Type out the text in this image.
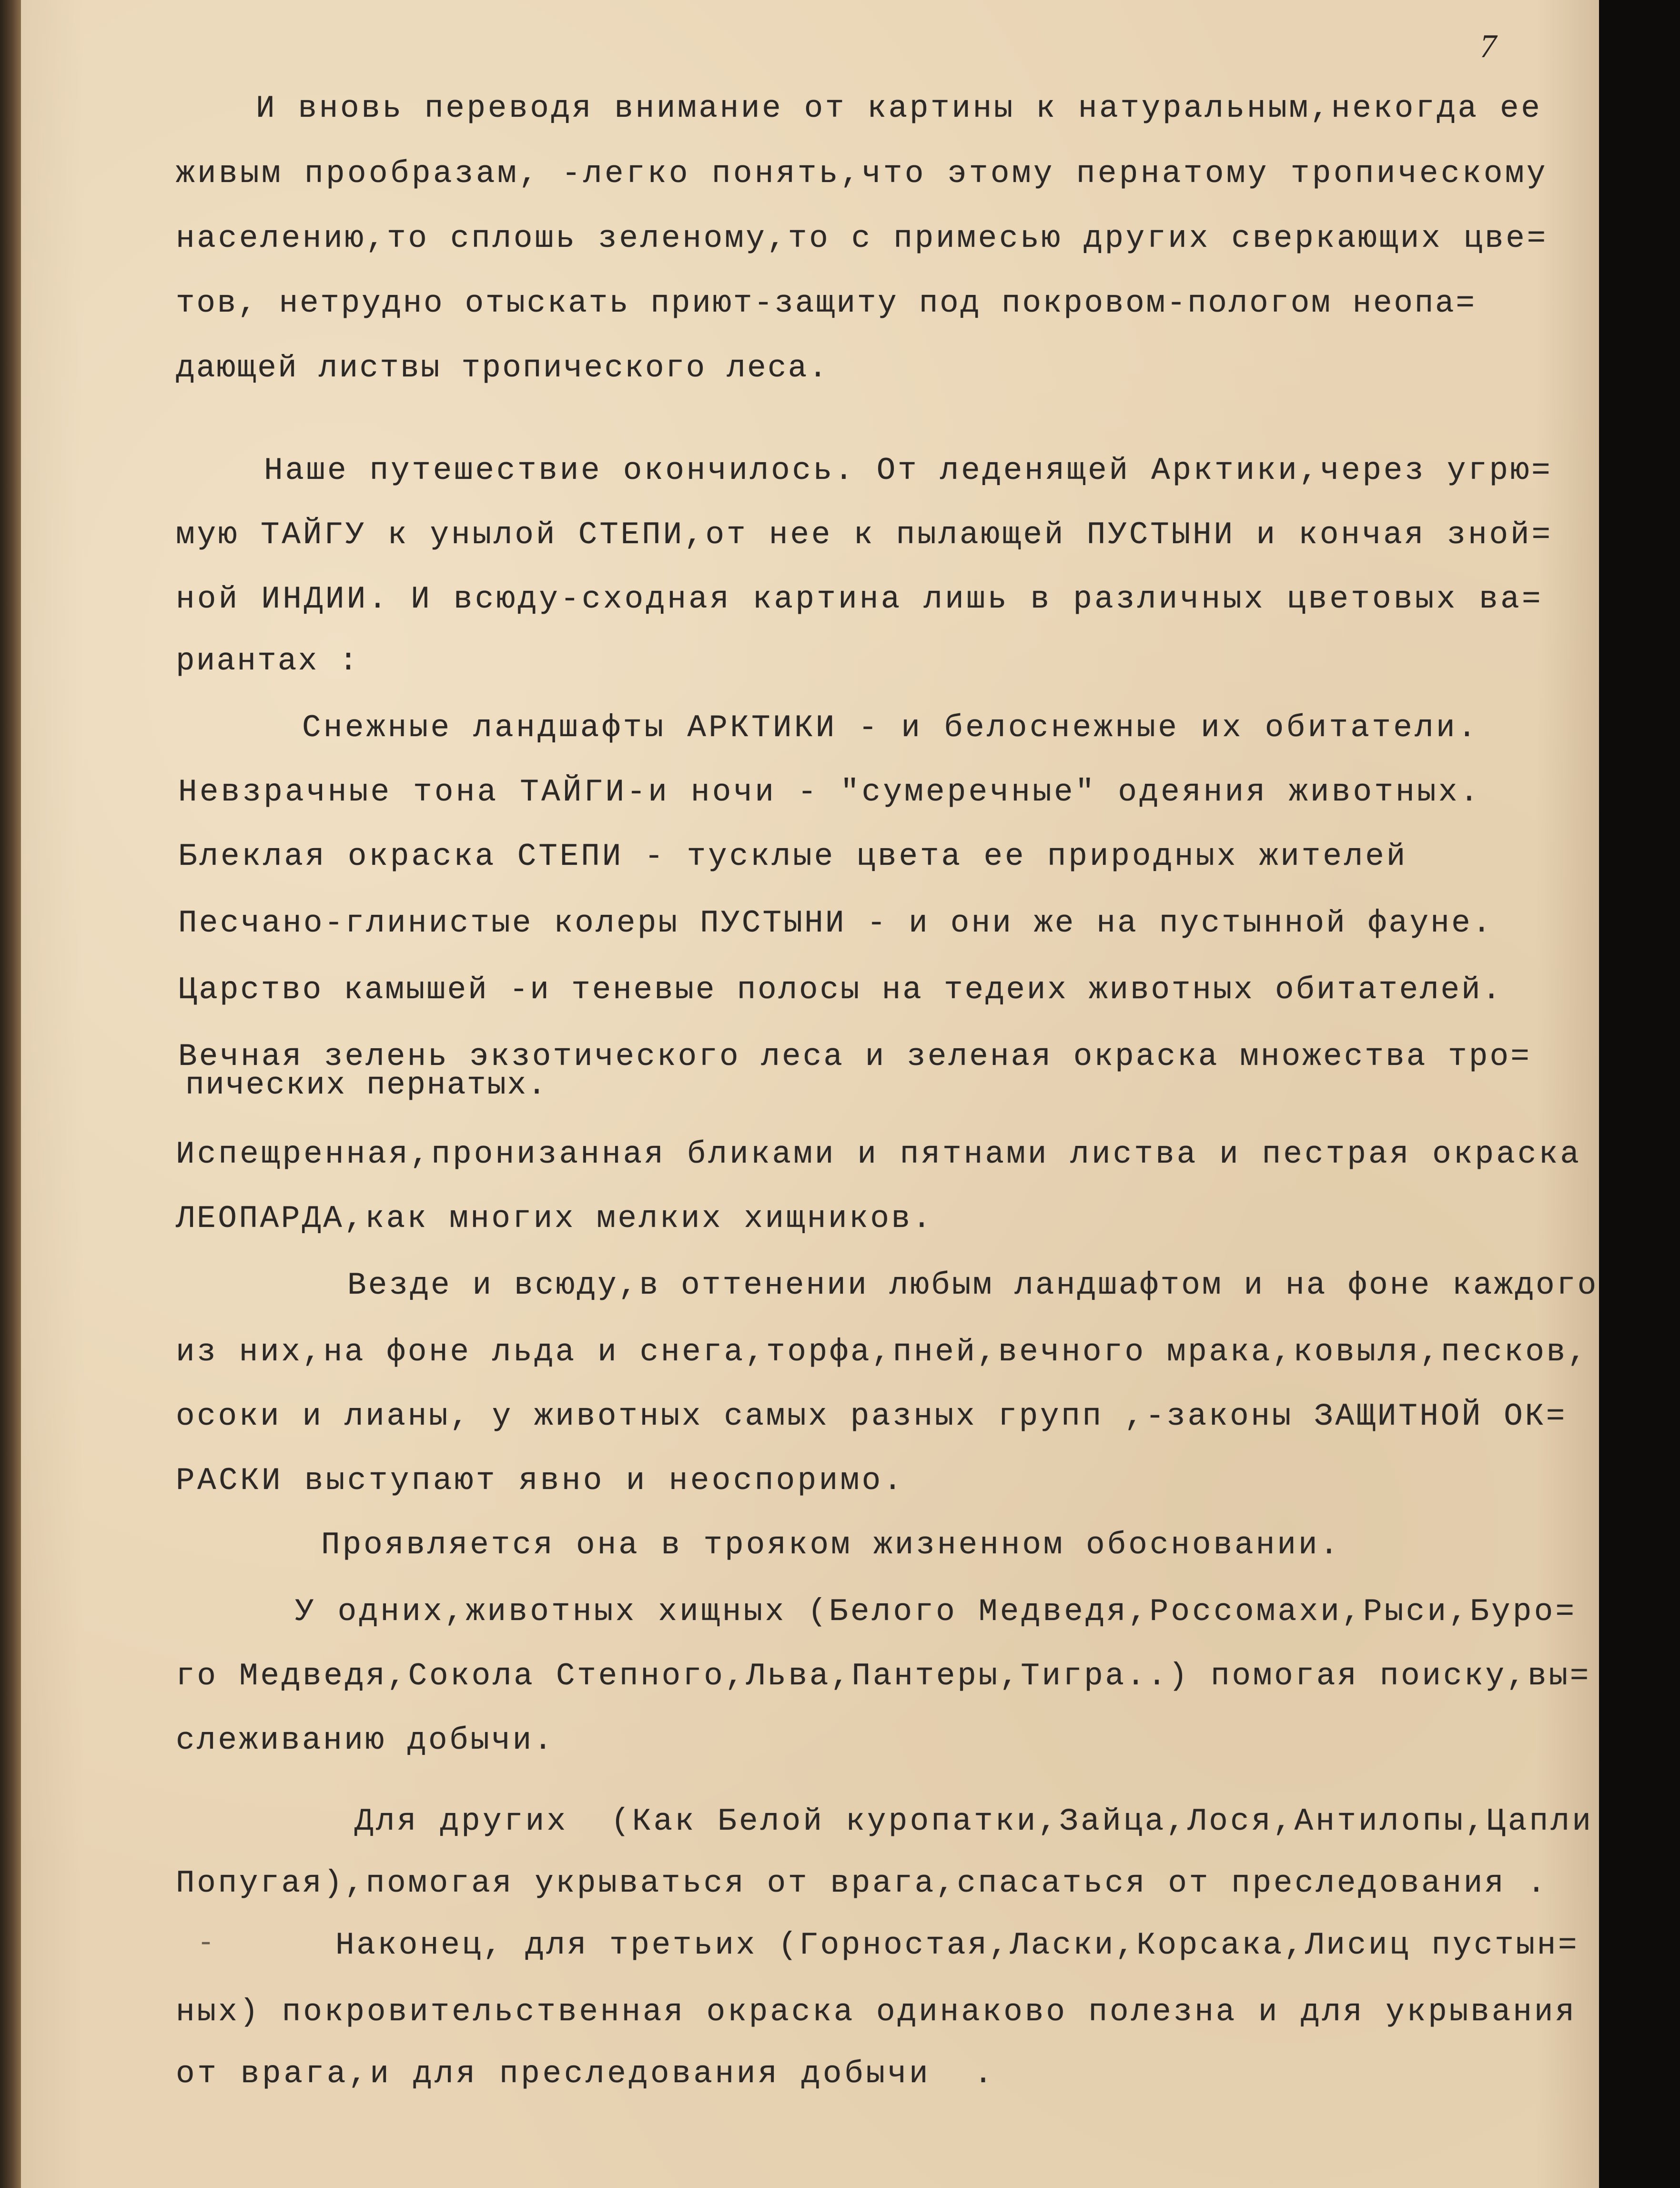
7
И вновь переводя внимание от картины к натуральным,некогда ее
живым прообразам, -легко понять,что этому пернатому тропическому
населению,то сплошь зеленому,то с примесью других сверкающих цве=
тов, нетрудно отыскать приют-защиту под покровом-пологом неопа=
дающей листвы тропического леса.
Наше путешествие окончилось. От леденящей Арктики,через угрю=
мую ТАЙГУ к унылой СТЕПИ,от нее к пылающей ПУСТЫНИ и кончая зной=
ной ИНДИИ. И всюду-сходная картина лишь в различных цветовых ва=
риантах :
Снежные ландшафты АРКТИКИ - и белоснежные их обитатели.
Невзрачные тона ТАЙГИ-и ночи - "сумеречные" одеяния животных.
Блеклая окраска СТЕПИ - тусклые цвета ее природных жителей
Песчано-глинистые колеры ПУСТЫНИ - и они же на пустынной фауне.
Царство камышей -и теневые полосы на тедеих животных обитателей.
Вечная зелень экзотического леса и зеленая окраска множества тро=
пических пернатых.
Испещренная,пронизанная бликами и пятнами листва и пестрая окраска
ЛЕОПАРДА,как многих мелких хищников.
Везде и всюду,в оттенении любым ландшафтом и на фоне каждого
из них,на фоне льда и снега,торфа,пней,вечного мрака,ковыля,песков,
осоки и лианы, у животных самых разных групп ,-законы ЗАЩИТНОЙ ОК=
РАСКИ выступают явно и неоспоримо.
Проявляется она в трояком жизненном обосновании.
У одних,животных хищных (Белого Медведя,Россомахи,Рыси,Буро=
го Медведя,Сокола Степного,Льва,Пантеры,Тигра..) помогая поиску,вы=
слеживанию добычи.
Для других  (Как Белой куропатки,Зайца,Лося,Антилопы,Цапли
Попугая),помогая укрываться от врага,спасаться от преследования .
-	Наконец, для третьих (Горностая,Ласки,Корсака,Лисиц пустын=
ных) покровительственная окраска одинаково полезна и для укрывания
от врага,и для преследования добычи  .
